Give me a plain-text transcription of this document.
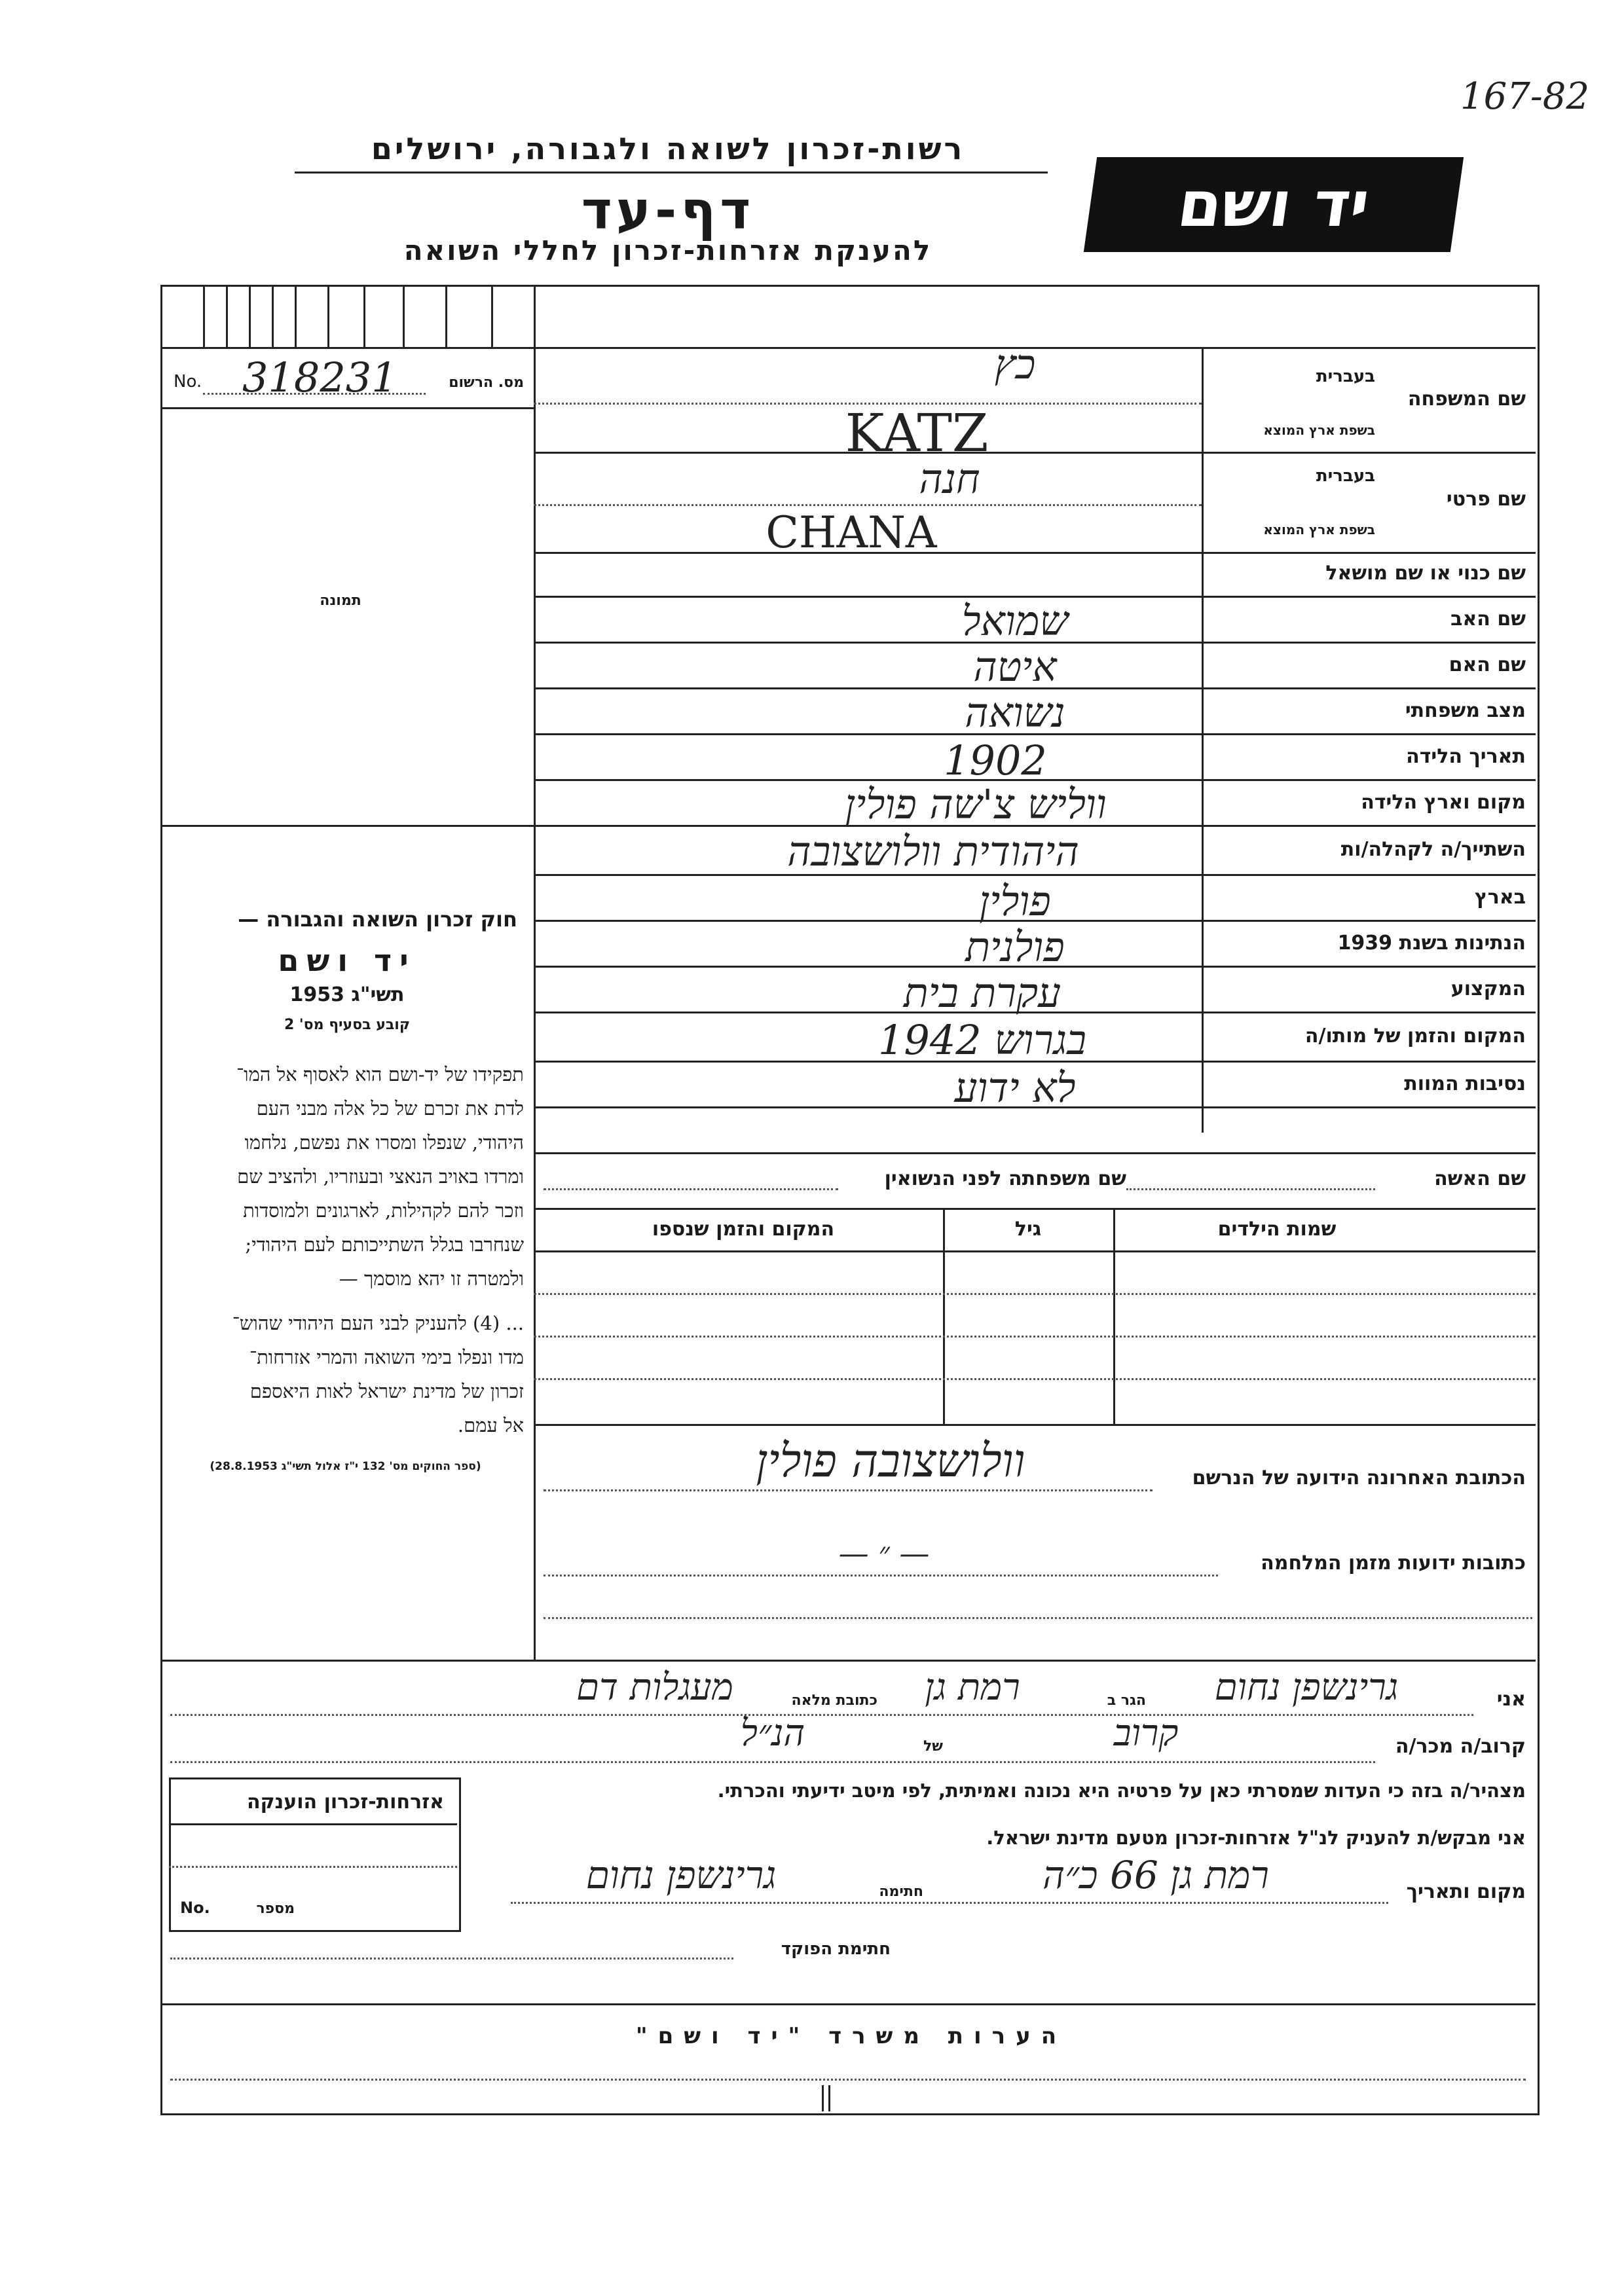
167-82
רשות-זכרון לשואה ולגבורה, ירושלים
דף-עד
להענקת אזרחות-זכרון לחללי השואה
יד ושם
מס. הרשום
No. 318231
תמונה
חוק זכרון השואה והגבורה —
יד ושם
תשי"ג 1953
קובע בסעיף מס' 2
תפקידו של יד-ושם הוא לאסוף אל המו־
לדת את זכרם של כל אלה מבני העם
היהודי, שנפלו ומסרו את נפשם, נלחמו
ומרדו באויב הנאצי ובעוזריו, ולהציב שם
וזכר להם לקהילות, לארגונים ולמוסדות
שנחרבו בגלל השתייכותם לעם היהודי;
ולמטרה זו יהא מוסמך —
... (4) להעניק לבני העם היהודי שהוש־
מדו ונפלו בימי השואה והמרי אזרחות־
זכרון של מדינת ישראל לאות היאספם
אל עמם.
(ספר החוקים מס' 132 י"ז אלול תשי"ג 28.8.1953)
שם המשפחה
בעברית
בשפת ארץ המוצא
שם פרטי
בעברית
בשפת ארץ המוצא
שם כנוי או שם מושאל
שם האב
שם האם
מצב משפחתי
תאריך הלידה
מקום וארץ הלידה
השתייך/ה לקהלה/ות
בארץ
הנתינות בשנת 1939
המקצוע
המקום והזמן של מותו/ה
נסיבות המוות
כץ
KATZ
חנה
CHANA
שמואל
איטה
נשואה
1902
ווליש צ'שה פולין
היהודית וולושצובה
פולין
פולנית
עקרת בית
בגרוש 1942
לא ידוע
שם האשה
שם משפחתה לפני הנשואין
שמות הילדים
גיל
המקום והזמן שנספו
הכתובת האחרונה הידועה של הנרשם
וולושצובה פולין
כתובות ידועות מזמן המלחמה
— ״ —
אני
גרינשפן נחום
הגר ב
רמת גן
כתובת מלאה
מעגלות דם
קרוב/ה מכר/ה
קרוב
של
הנ״ל
מצהיר/ה בזה כי העדות שמסרתי כאן על פרטיה היא נכונה ואמיתית, לפי מיטב ידיעתי והכרתי.
אני מבקש/ת להעניק לנ"ל אזרחות-זכרון מטעם מדינת ישראל.
מקום ותאריך
רמת גן 66 כ״ה
חתימה
גרינשפן נחום
חתימת הפוקד
אזרחות-זכרון הוענקה
מספר
No.
הערות משרד "יד ושם"
